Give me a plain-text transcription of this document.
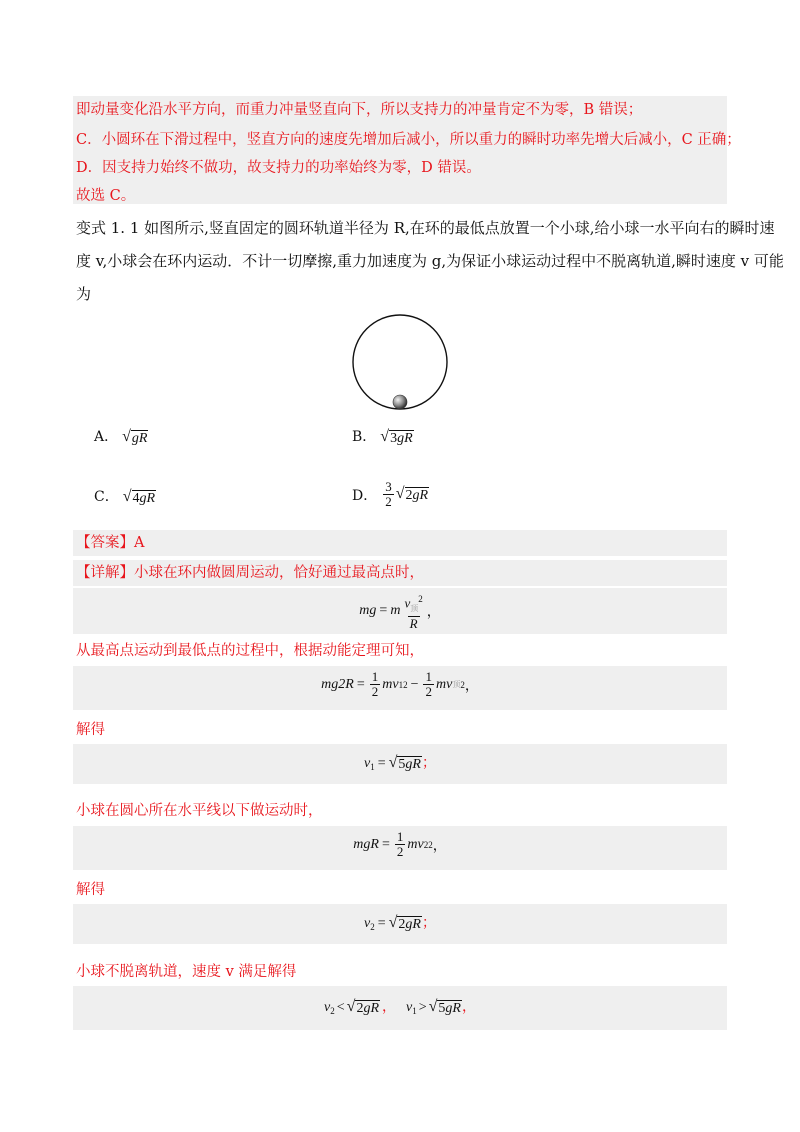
即动量变化沿水平方向，而重力冲量竖直向下，所以支持力的冲量肯定不为零，B 错误；
C．小圆环在下滑过程中，竖直方向的速度先增加后减小，所以重力的瞬时功率先增大后减小，C 正确；
D．因支持力始终不做功，故支持力的功率始终为零，D 错误。
故选 C。
变式 1. 1 如图所示,竖直固定的圆环轨道半径为 R,在环的最低点放置一个小球,给小球一水平向右的瞬时速
度 v,小球会在环内运动．不计一切摩擦,重力加速度为 g,为保证小球运动过程中不脱离轨道,瞬时速度 v 可能
为
A． √ gR	B． √ 3gR
C． √ 4gR	D． $\frac{3}{2}$ √ 2gR
【答案】A
【详解】小球在环内做圆周运动，恰好通过最高点时，
mg = m $\frac{v_顶^2}{R}$ ，
从最高点运动到最低点的过程中，根据动能定理可知，
$mg2R = \frac{1}{2}$ mv 1 $2 - \frac{1}{2}$ mv 顶 2 ，
解得
$v_1$ = √ 5gR ；
小球在圆心所在水平线以下做运动时，
mgR = $\frac{1}{2}$ mv 2 2 ，
解得
$v_2$ = √ 2gR ；
小球不脱离轨道，速度 v 满足解得
$v_2$ < √ 2gR ， $v_1$ > √ 5gR ，
